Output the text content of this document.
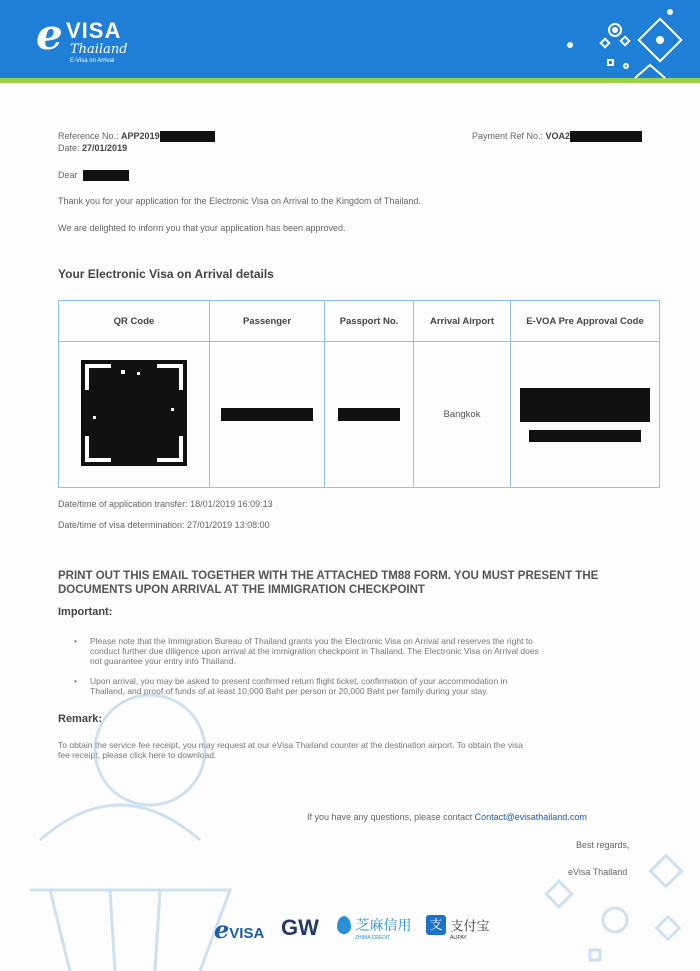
e VISA
Thailand
E-Visa on Arrival
Reference No.: APP2019
Date: 27/01/2019
Payment Ref No.: VOA2
Dear
Thank you for your application for the Electronic Visa on Arrival to the Kingdom of Thailand.
We are delighted to inform you that your application has been approved.
Your Electronic Visa on Arrival details
QR Code	Passenger	Passport No.	Arrival Airport	E-VOA Pre Approval Code
			Bangkok	
Date/time of application transfer: 18/01/2019 16:09:13
Date/time of visa determination: 27/01/2019 13:08:00
PRINT OUT THIS EMAIL TOGETHER WITH THE ATTACHED TM88 FORM. YOU MUST PRESENT THE
DOCUMENTS UPON ARRIVAL AT THE IMMIGRATION CHECKPOINT
Important:
• Please note that the Immigration Bureau of Thailand grants you the Electronic Visa on Arrival and reserves the right to
conduct further due diligence upon arrival at the immigration checkpoint in Thailand. The Electronic Visa on Arrival does
not guarantee your entry into Thailand.
• Upon arrival, you may be asked to present confirmed return flight ticket, confirmation of your accommodation in
Thailand, and proof of funds of at least 10,000 Baht per person or 20,000 Baht per family during your stay.
Remark:
To obtain the service fee receipt, you may request at our eVisa Thailand counter at the destination airport. To obtain the visa
fee receipt, please click here to download.
If you have any questions, please contact Contact@evisathailand.com
Best regards,
eVisa Thailand
eVISA GW	芝麻信用
ZHIMA CREDIT
支 支付宝
ALIPAY
